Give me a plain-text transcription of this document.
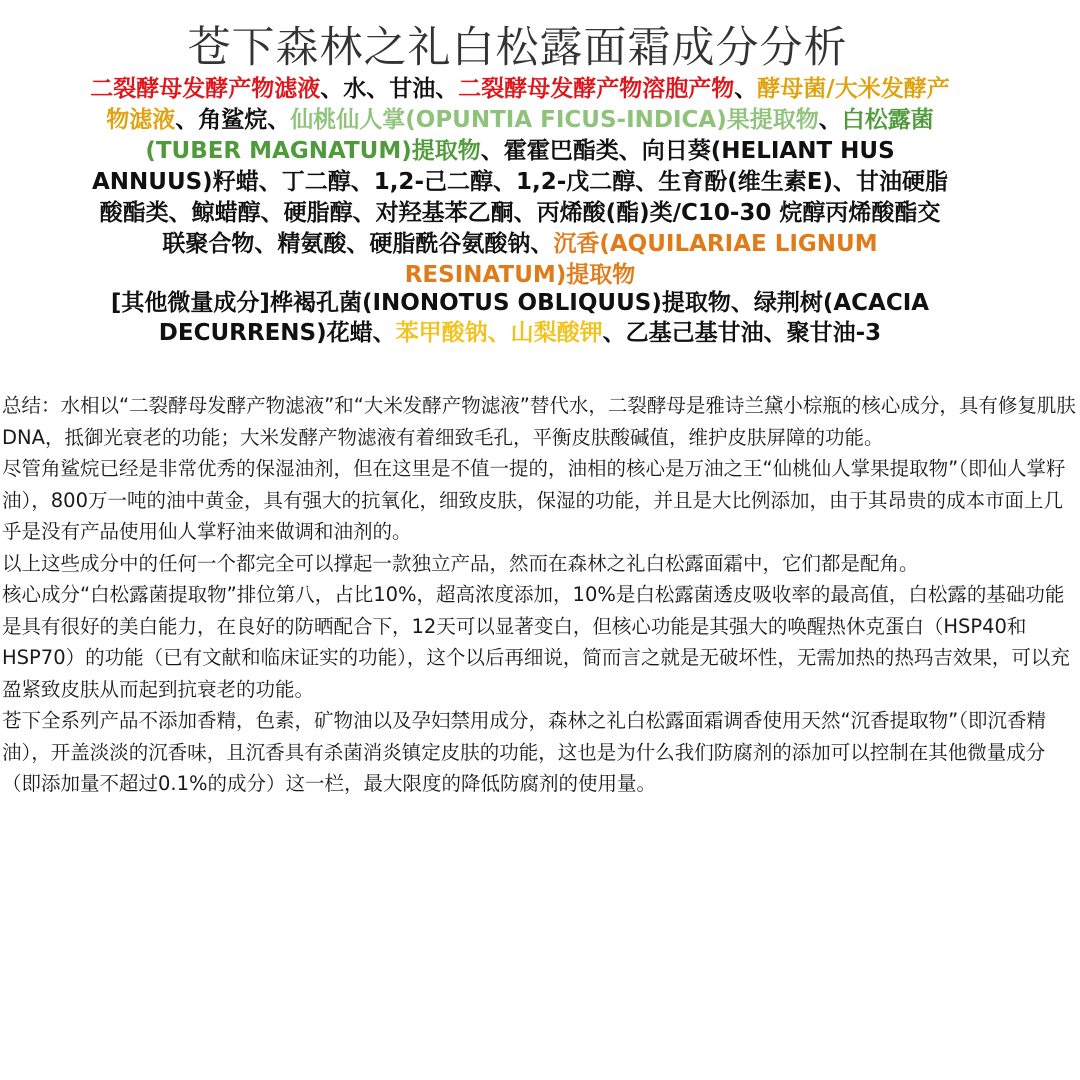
苍下森林之礼白松露面霜成分分析
二裂酵母发酵产物滤液、水、甘油、二裂酵母发酵产物溶胞产物、酵母菌/大米发酵产物滤液、角鲨烷、仙桃仙人掌(OPUNTIA FICUS-INDICA)果提取物、白松露菌(TUBER MAGNATUM)提取物、霍霍巴酯类、向日葵(HELIANT HUS ANNUUS)籽蜡、丁二醇、1,2-己二醇、1,2-戊二醇、生育酚(维生素E)、甘油硬脂酸酯类、鲸蜡醇、硬脂醇、对羟基苯乙酮、丙烯酸(酯)类/C10-30 烷醇丙烯酸酯交联聚合物、精氨酸、硬脂酰谷氨酸钠、沉香(AQUILARIAE LIGNUM RESINATUM)提取物
[其他微量成分]桦褐孔菌(INONOTUS OBLIQUUS)提取物、绿荆树(ACACIA DECURRENS)花蜡、苯甲酸钠、山梨酸钾、乙基己基甘油、聚甘油-3

总结：水相以“二裂酵母发酵产物滤液”和“大米发酵产物滤液”替代水，二裂酵母是雅诗兰黛小棕瓶的核心成分，具有修复肌肤DNA，抵御光衰老的功能；大米发酵产物滤液有着细致毛孔，平衡皮肤酸碱值，维护皮肤屏障的功能。

尽管角鲨烷已经是非常优秀的保湿油剂，但在这里是不值一提的，油相的核心是万油之王“仙桃仙人掌果提取物”（即仙人掌籽油），800万一吨的油中黄金，具有强大的抗氧化，细致皮肤，保湿的功能，并且是大比例添加，由于其昂贵的成本市面上几乎是没有产品使用仙人掌籽油来做调和油剂的。

以上这些成分中的任何一个都完全可以撑起一款独立产品，然而在森林之礼白松露面霜中，它们都是配角。

核心成分“白松露菌提取物”排位第八，占比10%，超高浓度添加，10%是白松露菌透皮吸收率的最高值，白松露的基础功能是具有很好的美白能力，在良好的防晒配合下，12天可以显著变白，但核心功能是其强大的唤醒热休克蛋白（HSP40和HSP70）的功能（已有文献和临床证实的功能），这个以后再细说，简而言之就是无破坏性，无需加热的热玛吉效果，可以充盈紧致皮肤从而起到抗衰老的功能。

苍下全系列产品不添加香精，色素，矿物油以及孕妇禁用成分，森林之礼白松露面霜调香使用天然“沉香提取物”（即沉香精油），开盖淡淡的沉香味，且沉香具有杀菌消炎镇定皮肤的功能，这也是为什么我们防腐剂的添加可以控制在其他微量成分（即添加量不超过0.1%的成分）这一栏，最大限度的降低防腐剂的使用量。
